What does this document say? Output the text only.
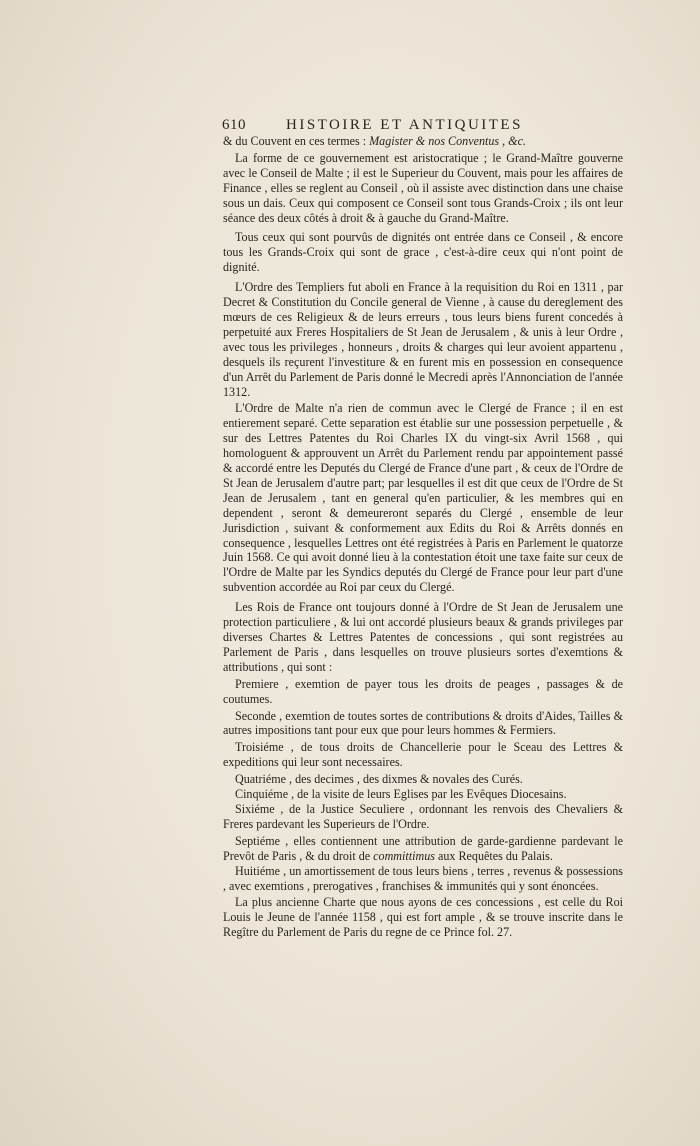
610	HISTOIRE ET ANTIQUITES

& du Couvent en ces termes : Magister & nos Conventus , &c.

La forme de ce gouvernement est aristocratique ; le Grand-Maître gouverne avec le Conseil de Malte ; il est le Superieur du Couvent, mais pour les affaires de Finance , elles se reglent au Conseil , où il assiste avec distinction dans une chaise sous un dais. Ceux qui composent ce Conseil sont tous Grands-Croix ; ils ont leur séance des deux côtés à droit & à gauche du Grand-Maître.

Tous ceux qui sont pourvûs de dignités ont entrée dans ce Conseil , & encore tous les Grands-Croix qui sont de grace , c'est-à-dire ceux qui n'ont point de dignité.

L'Ordre des Templiers fut aboli en France à la requisition du Roi en 1311 , par Decret & Constitution du Concile general de Vienne , à cause du dereglement des mœurs de ces Religieux & de leurs erreurs , tous leurs biens furent concedés à perpetuité aux Freres Hospitaliers de St Jean de Jerusalem , & unis à leur Ordre , avec tous les privileges , honneurs , droits & charges qui leur avoient appartenu , desquels ils reçurent l'investiture & en furent mis en possession en consequence d'un Arrêt du Parlement de Paris donné le Mecredi après l'Annonciation de l'année 1312.

L'Ordre de Malte n'a rien de commun avec le Clergé de France ; il en est entierement separé. Cette separation est établie sur une possession perpetuelle , & sur des Lettres Patentes du Roi Charles IX du vingt-six Avril 1568 , qui homologuent & approuvent un Arrêt du Parlement rendu par appointement passé & accordé entre les Deputés du Clergé de France d'une part , & ceux de l'Ordre de St Jean de Jerusalem d'autre part; par lesquelles il est dit que ceux de l'Ordre de St Jean de Jerusalem , tant en general qu'en particulier, & les membres qui en dependent , seront & demeureront separés du Clergé , ensemble de leur Jurisdiction , suivant & conformement aux Edits du Roi & Arrêts donnés en consequence , lesquelles Lettres ont été registrées à Paris en Parlement le quatorze Juin 1568. Ce qui avoit donné lieu à la contestation étoit une taxe faite sur ceux de l'Ordre de Malte par les Syndics deputés du Clergé de France pour leur part d'une subvention accordée au Roi par ceux du Clergé.

Les Rois de France ont toujours donné à l'Ordre de St Jean de Jerusalem une protection particuliere , & lui ont accordé plusieurs beaux & grands privileges par diverses Chartes & Lettres Patentes de concessions , qui sont registrées au Parlement de Paris , dans lesquelles on trouve plusieurs sortes d'exemtions & attributions , qui sont :

Premiere , exemtion de payer tous les droits de peages , passages & de coutumes.

Seconde , exemtion de toutes sortes de contributions & droits d'Aides, Tailles & autres impositions tant pour eux que pour leurs hommes & Fermiers.

Troisiéme , de tous droits de Chancellerie pour le Sceau des Lettres & expeditions qui leur sont necessaires.

Quatriéme , des decimes , des dixmes & novales des Curés.

Cinquiéme , de la visite de leurs Eglises par les Evêques Diocesains.

Sixiéme , de la Justice Seculiere , ordonnant les renvois des Chevaliers & Freres pardevant les Superieurs de l'Ordre.

Septiéme , elles contiennent une attribution de garde-gardienne pardevant le Prevôt de Paris , & du droit de committimus aux Requêtes du Palais.

Huitiéme , un amortissement de tous leurs biens , terres , revenus & possessions , avec exemtions , prerogatives , franchises & immunités qui y sont énoncées.

La plus ancienne Charte que nous ayons de ces concessions , est celle du Roi Louis le Jeune de l'année 1158 , qui est fort ample , & se trouve inscrite dans le Regître du Parlement de Paris du regne de ce Prince fol. 27.
